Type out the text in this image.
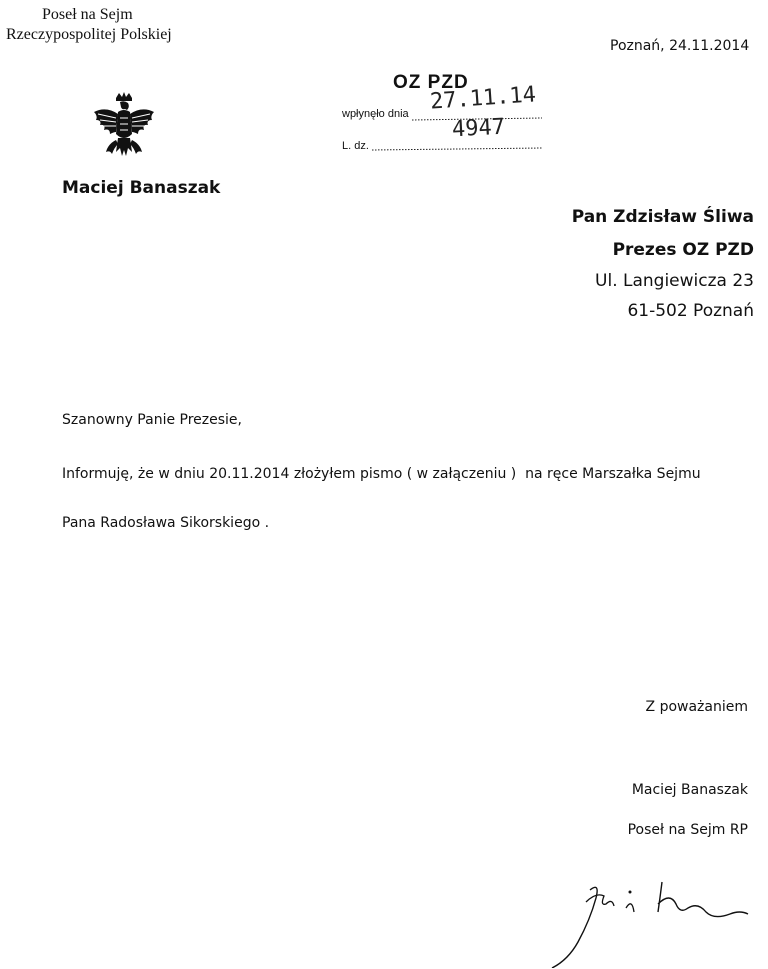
Poseł na Sejm
Rzeczypospolitej Polskiej
Maciej Banaszak
Poznań, 24.11.2014
OZ PZD
wpłynęło dnia 27.11.14
L. dz.
4947
Pan Zdzisław Śliwa
Prezes OZ PZD
Ul. Langiewicza 23
61-502 Poznań
Szanowny Panie Prezesie,
Informuję, że w dniu 20.11.2014 złożyłem pismo ( w załączeniu )  na ręce Marszałka Sejmu
Pana Radosława Sikorskiego .
Z poważaniem
Maciej Banaszak
Poseł na Sejm RP
